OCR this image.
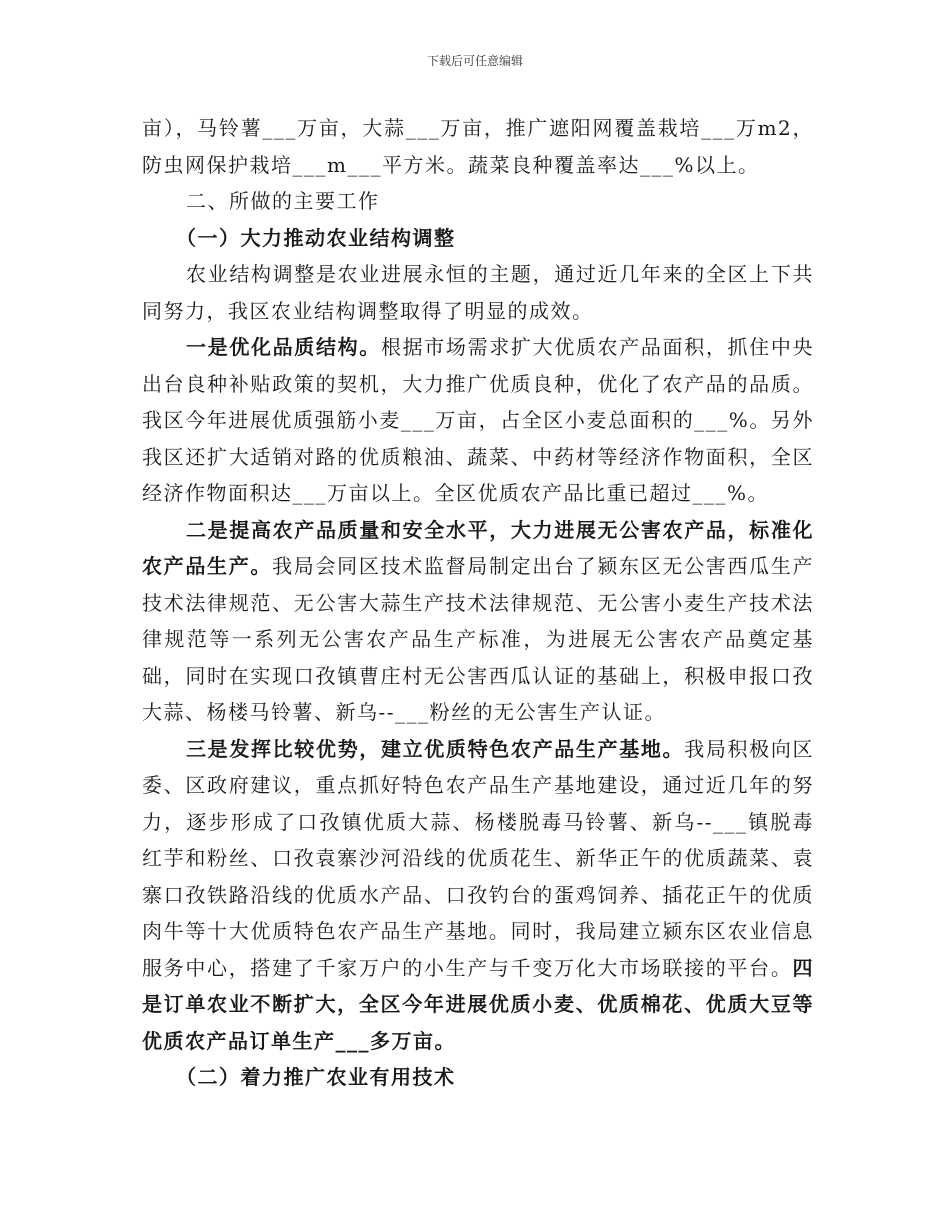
下载后可任意编辑

亩），马铃薯___万亩，大蒜___万亩，推广遮阳网覆盖栽培___万m2，防虫网保护栽培___m___平方米。蔬菜良种覆盖率达___%以上。

二、所做的主要工作

（一）大力推动农业结构调整

农业结构调整是农业进展永恒的主题，通过近几年来的全区上下共同努力，我区农业结构调整取得了明显的成效。

一是优化品质结构。根据市场需求扩大优质农产品面积，抓住中央出台良种补贴政策的契机，大力推广优质良种，优化了农产品的品质。我区今年进展优质强筋小麦___万亩，占全区小麦总面积的___%。另外我区还扩大适销对路的优质粮油、蔬菜、中药材等经济作物面积，全区经济作物面积达___万亩以上。全区优质农产品比重已超过___%。

二是提高农产品质量和安全水平，大力进展无公害农产品，标准化农产品生产。我局会同区技术监督局制定出台了颍东区无公害西瓜生产技术法律规范、无公害大蒜生产技术法律规范、无公害小麦生产技术法律规范等一系列无公害农产品生产标准，为进展无公害农产品奠定基础，同时在实现口孜镇曹庄村无公害西瓜认证的基础上，积极申报口孜大蒜、杨楼马铃薯、新乌--___粉丝的无公害生产认证。

三是发挥比较优势，建立优质特色农产品生产基地。我局积极向区委、区政府建议，重点抓好特色农产品生产基地建设，通过近几年的努力，逐步形成了口孜镇优质大蒜、杨楼脱毒马铃薯、新乌--___镇脱毒红芋和粉丝、口孜袁寨沙河沿线的优质花生、新华正午的优质蔬菜、袁寨口孜铁路沿线的优质水产品、口孜钓台的蛋鸡饲养、插花正午的优质肉牛等十大优质特色农产品生产基地。同时，我局建立颍东区农业信息服务中心，搭建了千家万户的小生产与千变万化大市场联接的平台。四是订单农业不断扩大，全区今年进展优质小麦、优质棉花、优质大豆等优质农产品订单生产___多万亩。

（二）着力推广农业有用技术
